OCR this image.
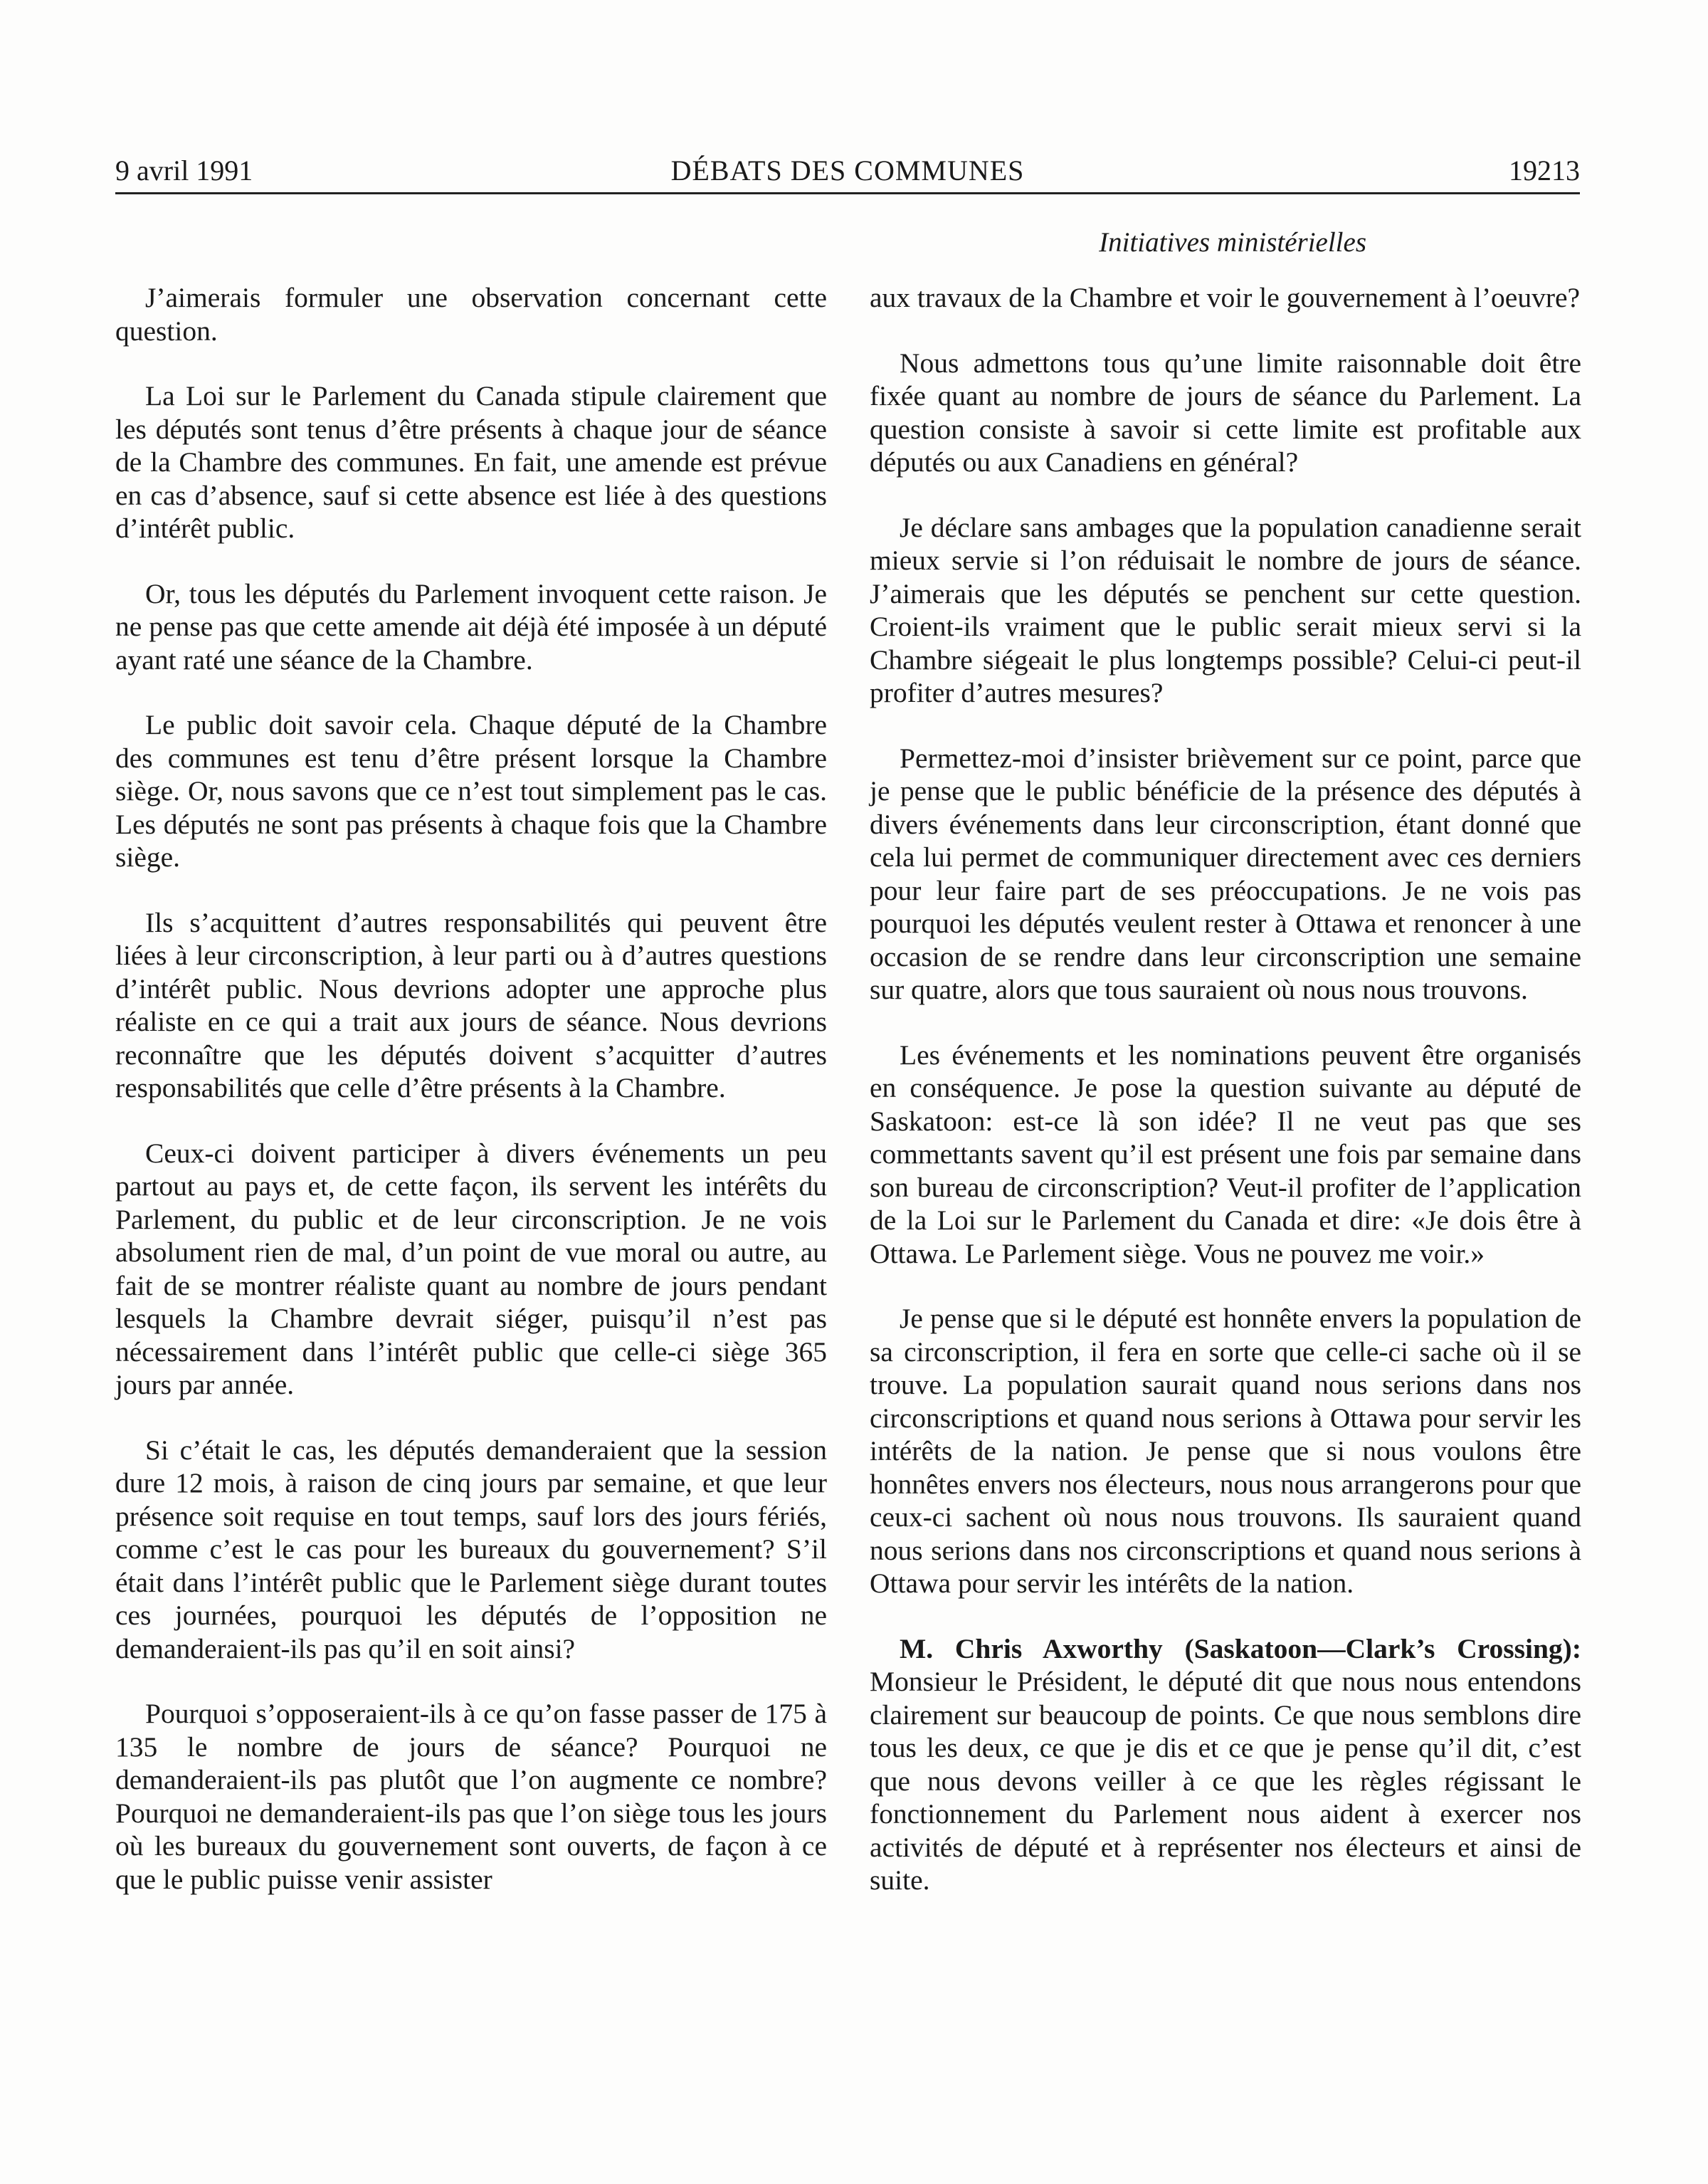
9 avril 1991	DÉBATS DES COMMUNES	19213
Initiatives ministérielles

J’aimerais formuler une observation concernant cette question.

La Loi sur le Parlement du Canada stipule clairement que les députés sont tenus d’être présents à chaque jour de séance de la Chambre des communes. En fait, une amende est prévue en cas d’absence, sauf si cette absence est liée à des questions d’intérêt public.

Or, tous les députés du Parlement invoquent cette raison. Je ne pense pas que cette amende ait déjà été imposée à un député ayant raté une séance de la Chambre.

Le public doit savoir cela. Chaque député de la Chambre des communes est tenu d’être présent lorsque la Chambre siège. Or, nous savons que ce n’est tout simplement pas le cas. Les députés ne sont pas présents à chaque fois que la Chambre siège.

Ils s’acquittent d’autres responsabilités qui peuvent être liées à leur circonscription, à leur parti ou à d’autres questions d’intérêt public. Nous devrions adopter une approche plus réaliste en ce qui a trait aux jours de séance. Nous devrions reconnaître que les députés doivent s’acquitter d’autres responsabilités que celle d’être présents à la Chambre.

Ceux-ci doivent participer à divers événements un peu partout au pays et, de cette façon, ils servent les intérêts du Parlement, du public et de leur circonscription. Je ne vois absolument rien de mal, d’un point de vue moral ou autre, au fait de se montrer réaliste quant au nombre de jours pendant lesquels la Chambre devrait siéger, puisqu’il n’est pas nécessairement dans l’intérêt public que celle-ci siège 365 jours par année.

Si c’était le cas, les députés demanderaient que la session dure 12 mois, à raison de cinq jours par semaine, et que leur présence soit requise en tout temps, sauf lors des jours fériés, comme c’est le cas pour les bureaux du gouvernement? S’il était dans l’intérêt public que le Parlement siège durant toutes ces journées, pourquoi les députés de l’opposition ne demanderaient-ils pas qu’il en soit ainsi?

Pourquoi s’opposeraient-ils à ce qu’on fasse passer de 175 à 135 le nombre de jours de séance? Pourquoi ne demanderaient-ils pas plutôt que l’on augmente ce nombre? Pourquoi ne demanderaient-ils pas que l’on siège tous les jours où les bureaux du gouvernement sont ouverts, de façon à ce que le public puisse venir assister

aux travaux de la Chambre et voir le gouvernement à l’oeuvre?

Nous admettons tous qu’une limite raisonnable doit être fixée quant au nombre de jours de séance du Parlement. La question consiste à savoir si cette limite est profitable aux députés ou aux Canadiens en général?

Je déclare sans ambages que la population canadienne serait mieux servie si l’on réduisait le nombre de jours de séance. J’aimerais que les députés se penchent sur cette question. Croient-ils vraiment que le public serait mieux servi si la Chambre siégeait le plus longtemps possible? Celui-ci peut-il profiter d’autres mesures?

Permettez-moi d’insister brièvement sur ce point, parce que je pense que le public bénéficie de la présence des députés à divers événements dans leur circonscription, étant donné que cela lui permet de communiquer directement avec ces derniers pour leur faire part de ses préoccupations. Je ne vois pas pourquoi les députés veulent rester à Ottawa et renoncer à une occasion de se rendre dans leur circonscription une semaine sur quatre, alors que tous sauraient où nous nous trouvons.

Les événements et les nominations peuvent être organisés en conséquence. Je pose la question suivante au député de Saskatoon: est-ce là son idée? Il ne veut pas que ses commettants savent qu’il est présent une fois par semaine dans son bureau de circonscription? Veut-il profiter de l’application de la Loi sur le Parlement du Canada et dire: «Je dois être à Ottawa. Le Parlement siège. Vous ne pouvez me voir.»

Je pense que si le député est honnête envers la population de sa circonscription, il fera en sorte que celle-ci sache où il se trouve. La population saurait quand nous serions dans nos circonscriptions et quand nous serions à Ottawa pour servir les intérêts de la nation. Je pense que si nous voulons être honnêtes envers nos électeurs, nous nous arrangerons pour que ceux-ci sachent où nous nous trouvons. Ils sauraient quand nous serions dans nos circonscriptions et quand nous serions à Ottawa pour servir les intérêts de la nation.

M. Chris Axworthy (Saskatoon—Clark’s Crossing): Monsieur le Président, le député dit que nous nous entendons clairement sur beaucoup de points. Ce que nous semblons dire tous les deux, ce que je dis et ce que je pense qu’il dit, c’est que nous devons veiller à ce que les règles régissant le fonctionnement du Parlement nous aident à exercer nos activités de député et à représenter nos électeurs et ainsi de suite.
